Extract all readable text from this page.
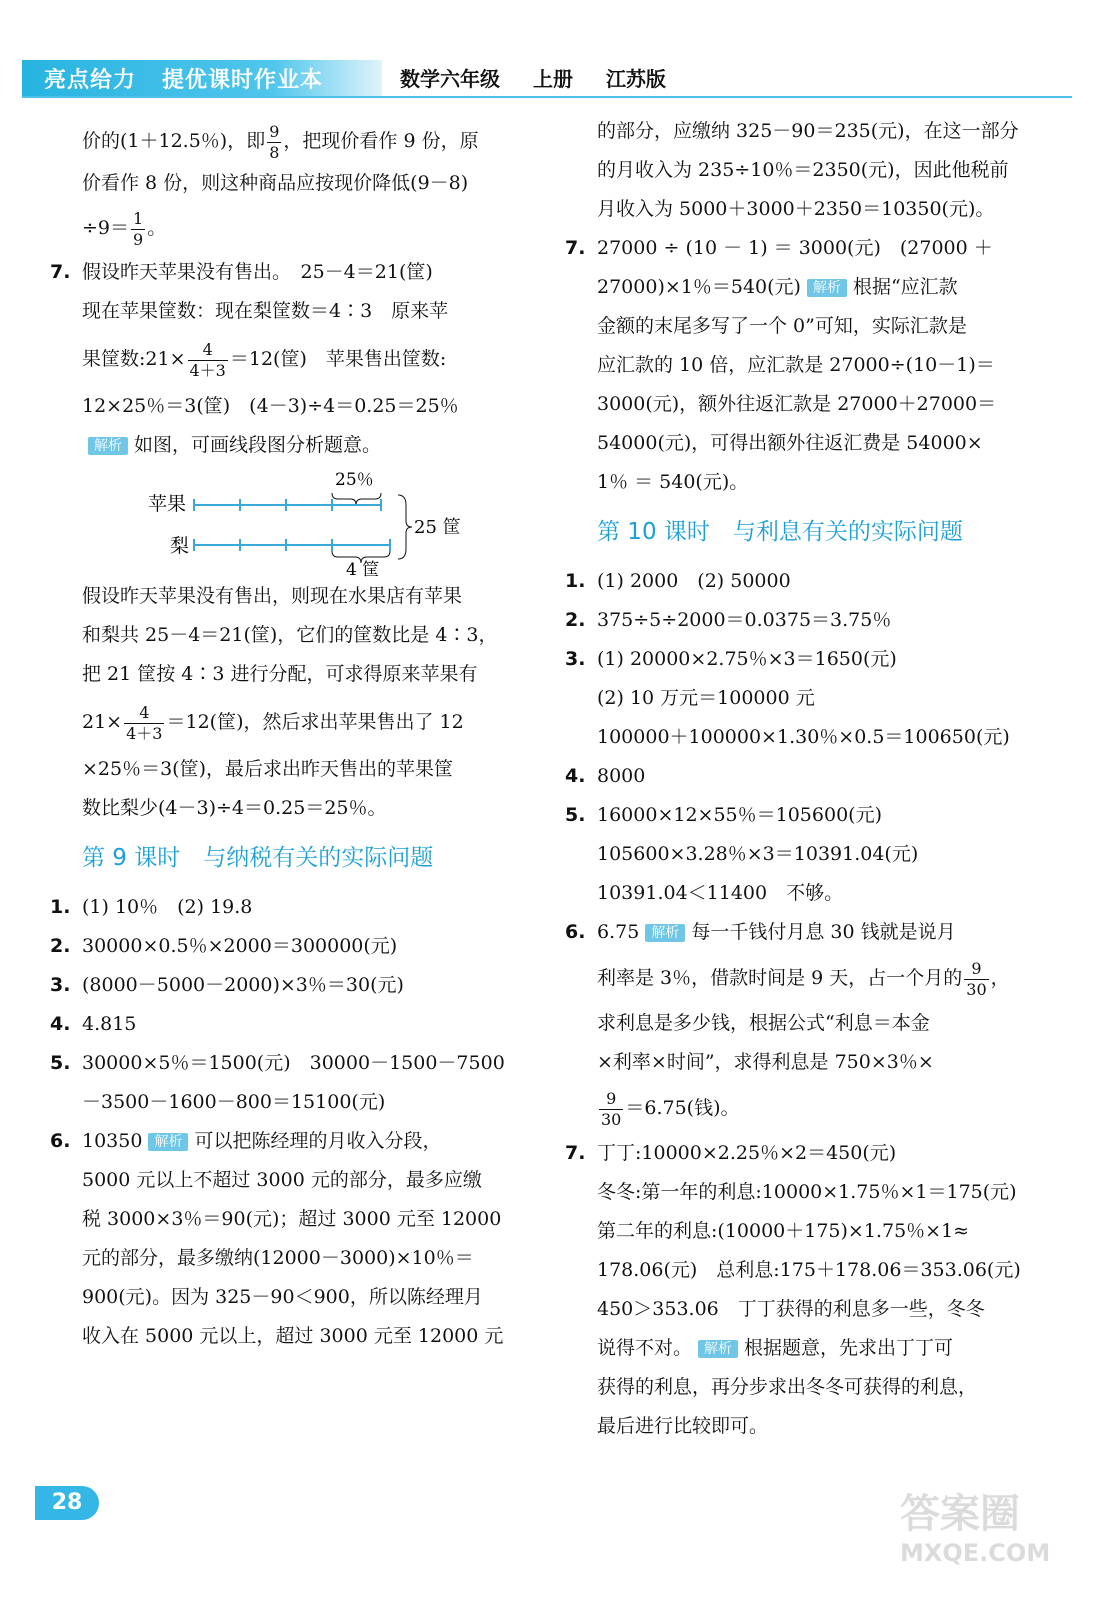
亮点给力 提优课时作业本	数学六年级 上册 江苏版
价的(1＋12.5％)，即 $\frac{9}{8}$ ，把现价看作 9 份，原
价看作 8 份，则这种商品应按现价降低(9－8)
$\div 9= \frac{1}{9}$ 。
7. 假设昨天苹果没有售出。　25－4＝21(筐)
现在苹果筐数：现在梨筐数＝4∶3　原来苹
果筐数:21× $\frac{4}{4+3} =12$(筐)　苹果售出筐数:
12×25％＝3(筐)　(4－3)÷4＝0.25＝25％
解析 如图，可画线段图分析题意。
25％
苹果
梨
4 筐
25 筐
假设昨天苹果没有售出，则现在水果店有苹果
和梨共 25－4＝21(筐)，它们的筐数比是 4∶3，
把 21 筐按 4∶3 进行分配，可求得原来苹果有
$21\times \frac{4}{4+3} =12$(筐)，然后求出苹果售出了 12
×25％＝3(筐)，最后求出昨天售出的苹果筐
数比梨少(4－3)÷4＝0.25＝25％。
第 9 课时　与纳税有关的实际问题
1. (1) 10％　(2) 19.8
2. 30000×0.5％×2000＝300000(元)
3. (8000－5000－2000)×3％＝30(元)
4. 4.815
5. 30000×5％＝1500(元)　30000－1500－7500
－3500－1600－800＝15100(元)
6. 10350 解析 可以把陈经理的月收入分段，
5000 元以上不超过 3000 元的部分，最多应缴
税 3000×3％＝90(元)；超过 3000 元至 12000
元的部分，最多缴纳(12000－3000)×10％＝
900(元)。因为 325－90＜900，所以陈经理月
收入在 5000 元以上，超过 3000 元至 12000 元
的部分，应缴纳 325－90＝235(元)，在这一部分
的月收入为 235÷10％＝2350(元)，因此他税前
月收入为 5000＋3000＋2350＝10350(元)。
7. 27000 ÷ (10 － 1) ＝ 3000(元)　(27000 ＋
27000)×1％＝540(元) 解析 根据“应汇款
金额的末尾多写了一个 0”可知，实际汇款是
应汇款的 10 倍，应汇款是 27000÷(10－1)＝
3000(元)，额外往返汇款是 27000＋27000＝
54000(元)，可得出额外往返汇费是 54000×
1％ ＝ 540(元)。
第 10 课时　与利息有关的实际问题
1. (1) 2000　(2) 50000
2. 375÷5÷2000＝0.0375＝3.75％
3. (1) 20000×2.75％×3＝1650(元)
(2) 10 万元＝100000 元
100000＋100000×1.30％×0.5＝100650(元)
4. 8000
5. 16000×12×55％＝105600(元)
105600×3.28％×3＝10391.04(元)
10391.04＜11400　不够。
6. 6.75 解析 每一千钱付月息 30 钱就是说月
利率是 3％，借款时间是 9 天，占一个月的 $\frac{9}{30}$ ，
求利息是多少钱，根据公式“利息＝本金
×利率×时间”，求得利息是 750×3％×
$\frac{9}{30} =6.75$(钱)。
7. 丁丁:10000×2.25％×2＝450(元)
冬冬:第一年的利息:10000×1.75％×1＝175(元)
第二年的利息:(10000＋175)×1.75％×1≈
178.06(元)　总利息:175＋178.06＝353.06(元)
450＞353.06　丁丁获得的利息多一些，冬冬
说得不对。 解析 根据题意，先求出丁丁可
获得的利息，再分步求出冬冬可获得的利息，
最后进行比较即可。
28	答案圈
MXQE.COM
